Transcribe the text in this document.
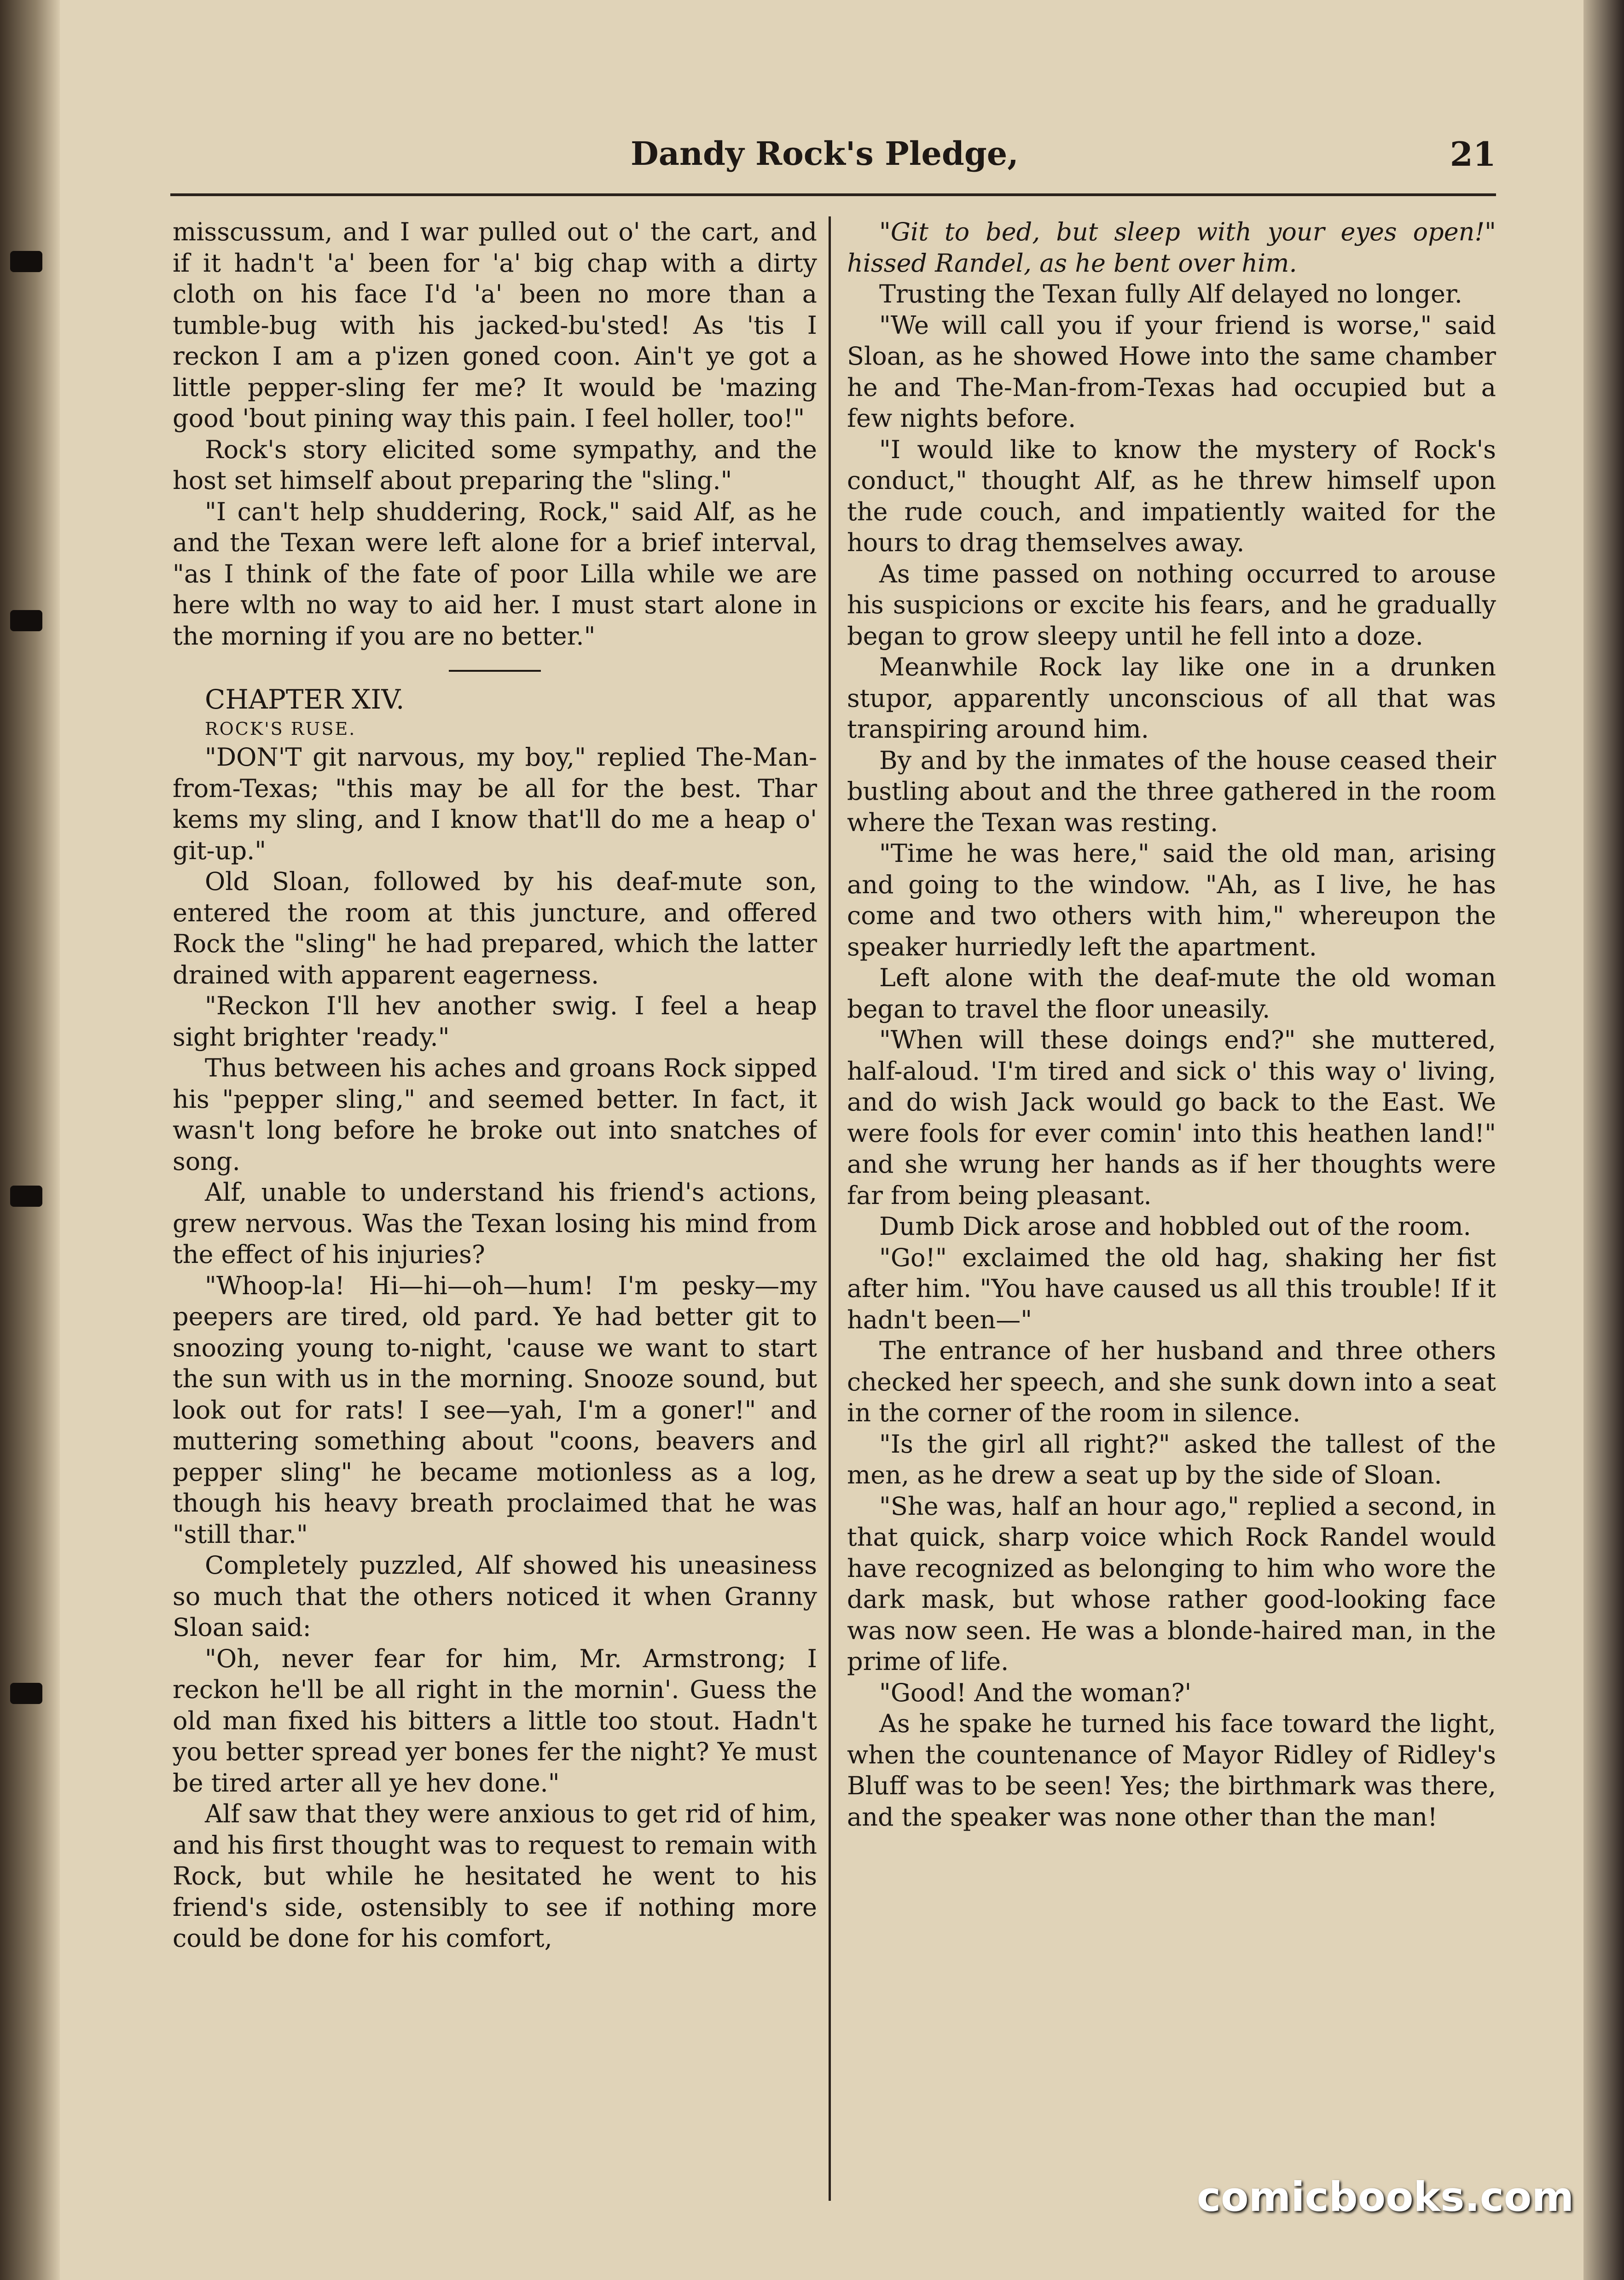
Dandy Rock's Pledge,	21

misscussum, and I war pulled out o' the cart, and if it hadn't 'a' been for 'a' big chap with a dirty cloth on his face I'd 'a' been no more than a tumble-bug with his jacked-bu'sted! As 'tis I reckon I am a p'izen goned coon. Ain't ye got a little pepper-sling fer me? It would be 'mazing good 'bout pining way this pain. I feel holler, too!"

Rock's story elicited some sympathy, and the host set himself about preparing the "sling."

"I can't help shuddering, Rock," said Alf, as he and the Texan were left alone for a brief interval, "as I think of the fate of poor Lilla while we are here wlth no way to aid her. I must start alone in the morning if you are no better."

CHAPTER XIV.

ROCK'S RUSE.

"DON'T git narvous, my boy," replied The-Man-from-Texas; "this may be all for the best. Thar kems my sling, and I know that'll do me a heap o' git-up."

Old Sloan, followed by his deaf-mute son, entered the room at this juncture, and offered Rock the "sling" he had prepared, which the latter drained with apparent eagerness.

"Reckon I'll hev another swig. I feel a heap sight brighter 'ready."

Thus between his aches and groans Rock sipped his "pepper sling," and seemed better. In fact, it wasn't long before he broke out into snatches of song.

Alf, unable to understand his friend's actions, grew nervous. Was the Texan losing his mind from the effect of his injuries?

"Whoop-la! Hi—hi—oh—hum! I'm pesky—my peepers are tired, old pard. Ye had better git to snoozing young to-night, 'cause we want to start the sun with us in the morning. Snooze sound, but look out for rats! I see—yah, I'm a goner!" and muttering something about "coons, beavers and pepper sling" he became motionless as a log, though his heavy breath proclaimed that he was "still thar."

Completely puzzled, Alf showed his uneasiness so much that the others noticed it when Granny Sloan said:

"Oh, never fear for him, Mr. Armstrong; I reckon he'll be all right in the mornin'. Guess the old man fixed his bitters a little too stout. Hadn't you better spread yer bones fer the night? Ye must be tired arter all ye hev done."

Alf saw that they were anxious to get rid of him, and his first thought was to request to remain with Rock, but while he hesitated he went to his friend's side, ostensibly to see if nothing more could be done for his comfort,

"Git to bed, but sleep with your eyes open!" hissed Randel, as he bent over him.

Trusting the Texan fully Alf delayed no longer.

"We will call you if your friend is worse," said Sloan, as he showed Howe into the same chamber he and The-Man-from-Texas had occupied but a few nights before.

"I would like to know the mystery of Rock's conduct," thought Alf, as he threw himself upon the rude couch, and impatiently waited for the hours to drag themselves away.

As time passed on nothing occurred to arouse his suspicions or excite his fears, and he gradually began to grow sleepy until he fell into a doze.

Meanwhile Rock lay like one in a drunken stupor, apparently unconscious of all that was transpiring around him.

By and by the inmates of the house ceased their bustling about and the three gathered in the room where the Texan was resting.

"Time he was here," said the old man, arising and going to the window. "Ah, as I live, he has come and two others with him," whereupon the speaker hurriedly left the apartment.

Left alone with the deaf-mute the old woman began to travel the floor uneasily.

"When will these doings end?" she muttered, half-aloud. 'I'm tired and sick o' this way o' living, and do wish Jack would go back to the East. We were fools for ever comin' into this heathen land!" and she wrung her hands as if her thoughts were far from being pleasant.

Dumb Dick arose and hobbled out of the room.

"Go!" exclaimed the old hag, shaking her fist after him. "You have caused us all this trouble! If it hadn't been—"

The entrance of her husband and three others checked her speech, and she sunk down into a seat in the corner of the room in silence.

"Is the girl all right?" asked the tallest of the men, as he drew a seat up by the side of Sloan.

"She was, half an hour ago," replied a second, in that quick, sharp voice which Rock Randel would have recognized as belonging to him who wore the dark mask, but whose rather good-looking face was now seen. He was a blonde-haired man, in the prime of life.

"Good! And the woman?'

As he spake he turned his face toward the light, when the countenance of Mayor Ridley of Ridley's Bluff was to be seen! Yes; the birthmark was there, and the speaker was none other than the man!

comicbooks.com
